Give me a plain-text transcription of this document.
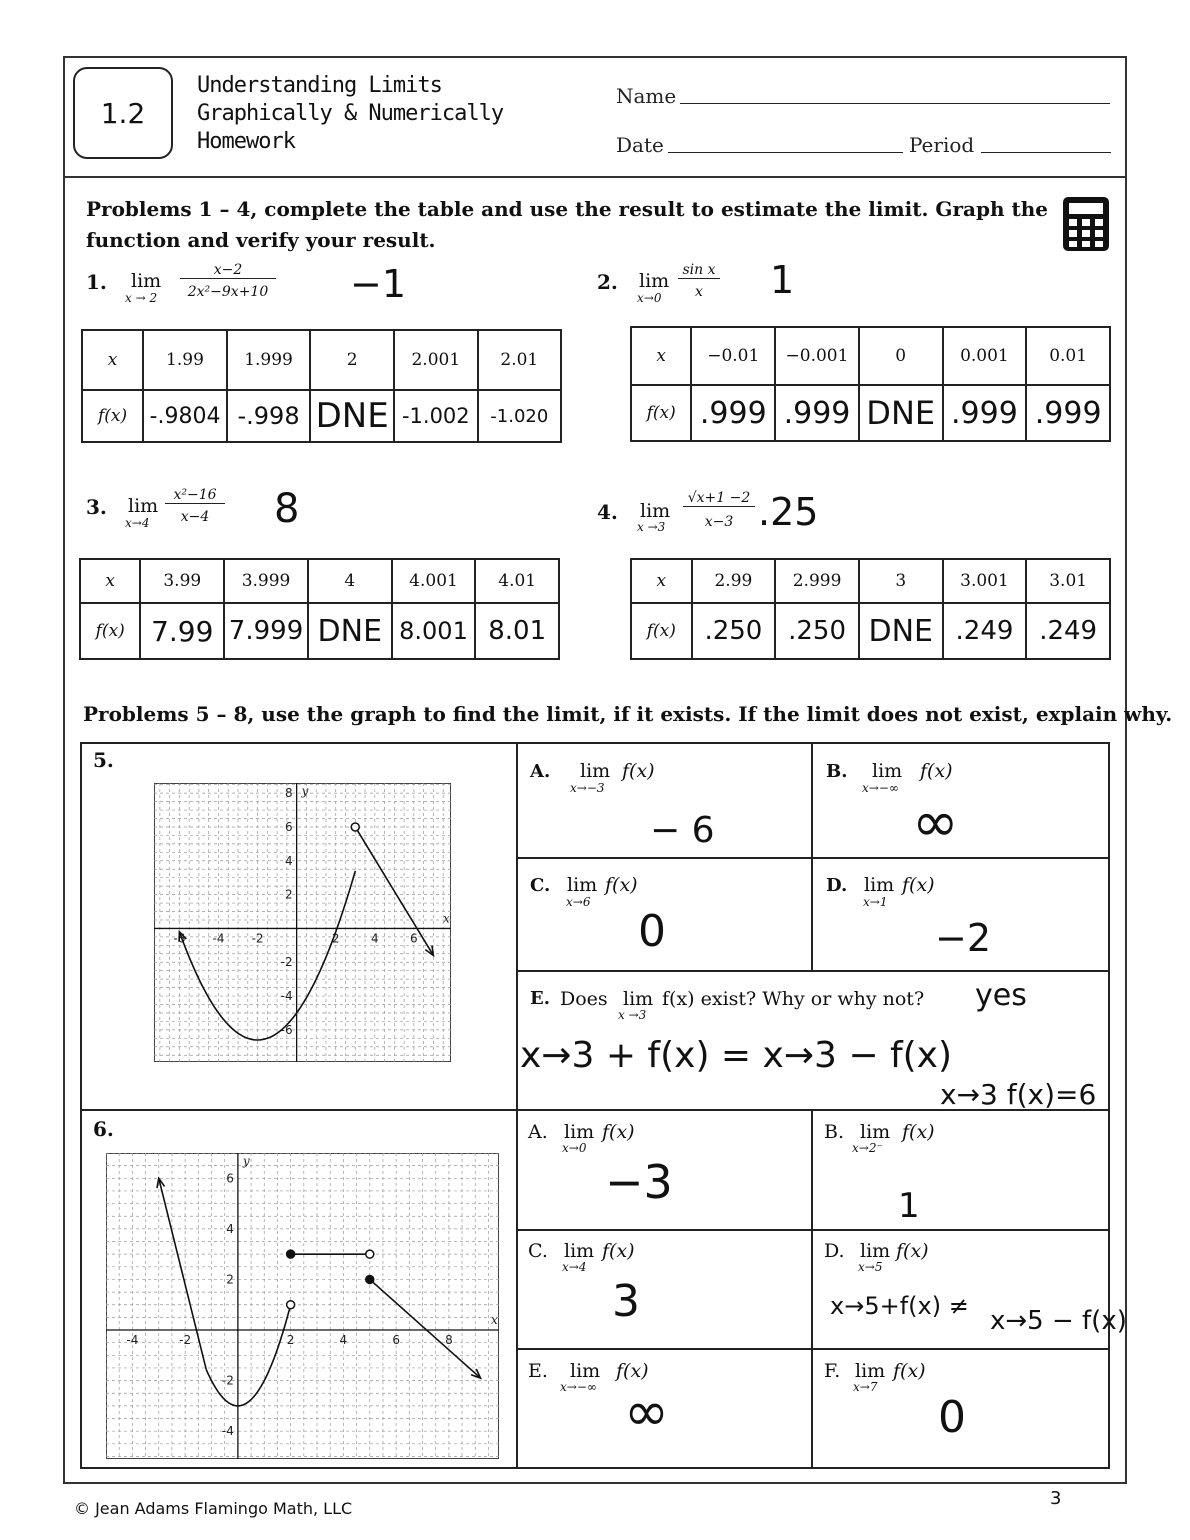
1.2
Understanding Limits
Graphically & Numerically
Homework
Name
Date	Period
Problems 1 – 4, complete the table and use the result to estimate the limit. Graph the
function and verify your result.
1. lim
x → 2
x−2
2x²−9x+10 −1
x	1.99	1.999	2	2.001	2.01
f(x)	-.9804	-.998	DNE	-1.002	-1.020
2. lim
x→0
sin x
x	1
x	−0.01	−0.001	0	0.001	0.01
f(x)	.999	.999	DNE	.999	.999
3. lim
x→4
x²−16
x−4	8
x	3.99	3.999	4	4.001	4.01
f(x)	7.99	7.999	DNE	8.001	8.01
4. lim
x →3
√x+1 −2
x−3 .25
x	2.99	2.999	3	3.001	3.01
f(x)	.250	.250	DNE	.249	.249
Problems 5 – 8, use the graph to find the limit, if it exists. If the limit does not exist, explain why.
5.
-6 -4 -2	2	4	6
8
6
4
2
-2
-4
-6
x
y
A. lim
x→−3
f(x)
− 6
B. lim
x→−∞
f(x)
∞
C. lim
x→6
f(x)
0
D. lim
x→1
f(x)
−2
E. Does lim
x →3
f(x) exist? Why or why not? yes
x→3 + f(x) = x→3 − f(x)
x→3 f(x)=6
6.
-4	-2	2	4	6	8
6
4
2
-2
-4
x
y
A. lim
x→0
f(x)
−3
B. lim
x→2⁻
f(x)
1
C. lim
x→4
f(x)
3
D. lim
x→5
f(x)
x→5+f(x) ≠ x→5 − f(x)
E. lim
x→−∞
f(x)
∞
F. lim
x→7
f(x)
0
© Jean Adams Flamingo Math, LLC	3
